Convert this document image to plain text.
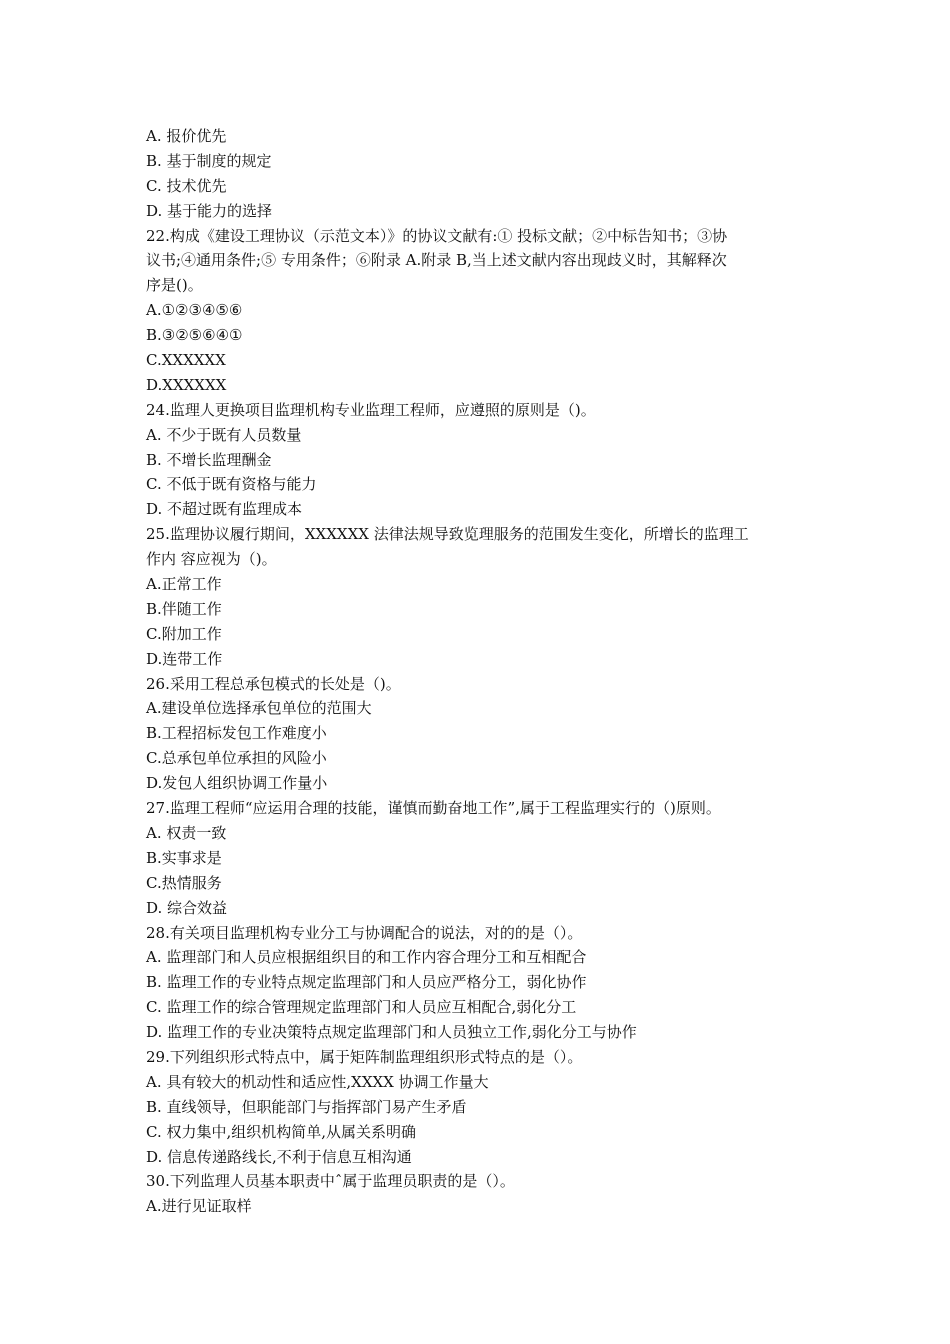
A. 报价优先
B. 基于制度的规定
C. 技术优先
D. 基于能力的选择
22.构成《建设工理协议（示范文本）》的协议文献有:① 投标文献；②中标告知书；③协
议书;④通用条件;⑤ 专用条件；⑥附录 A.附录 B,当上述文献内容出现歧义时，其解释次
序是()。
A.①②③④⑤⑥
B.③②⑤⑥④①
C.XXXXXX
D.XXXXXX
24.监理人更换项目监理机构专业监理工程师，应遵照的原则是（)。
A. 不少于既有人员数量
B. 不增长监理酬金
C. 不低于既有资格与能力
D. 不超过既有监理成本
25.监理协议履行期间，XXXXXX 法律法规导致览理服务的范围发生变化，所增长的监理工
作内 容应视为（)。
A.正常工作
B.伴随工作
C.附加工作
D.连带工作
26.采用工程总承包模式的长处是（)。
A.建设单位选择承包单位的范围大
B.工程招标发包工作难度小
C.总承包单位承担的风险小
D.发包人组织协调工作量小
27.监理工程师“应运用合理的技能，谨慎而勤奋地工作”,属于工程监理实行的（)原则。
A. 权责一致
B.实事求是
C.热情服务
D. 综合效益
28.有关项目监理机构专业分工与协调配合的说法，对的的是（）。
A. 监理部门和人员应根据组织目的和工作内容合理分工和互相配合
B. 监理工作的专业特点规定监理部门和人员应严格分工，弱化协作
C. 监理工作的综合管理规定监理部门和人员应互相配合,弱化分工
D. 监理工作的专业决策特点规定监理部门和人员独立工作,弱化分工与协作
29.下列组织形式特点中，属于矩阵制监理组织形式特点的是（）。
A. 具有较大的机动性和适应性,XXXX 协调工作量大
B. 直线领导，但职能部门与指挥部门易产生矛盾
C. 权力集中,组织机构简单,从属关系明确
D. 信息传递路线长,不利于信息互相沟通
30.下列监理人员基本职责中ˆ属于监理员职责的是（）。
A.进行见证取样
